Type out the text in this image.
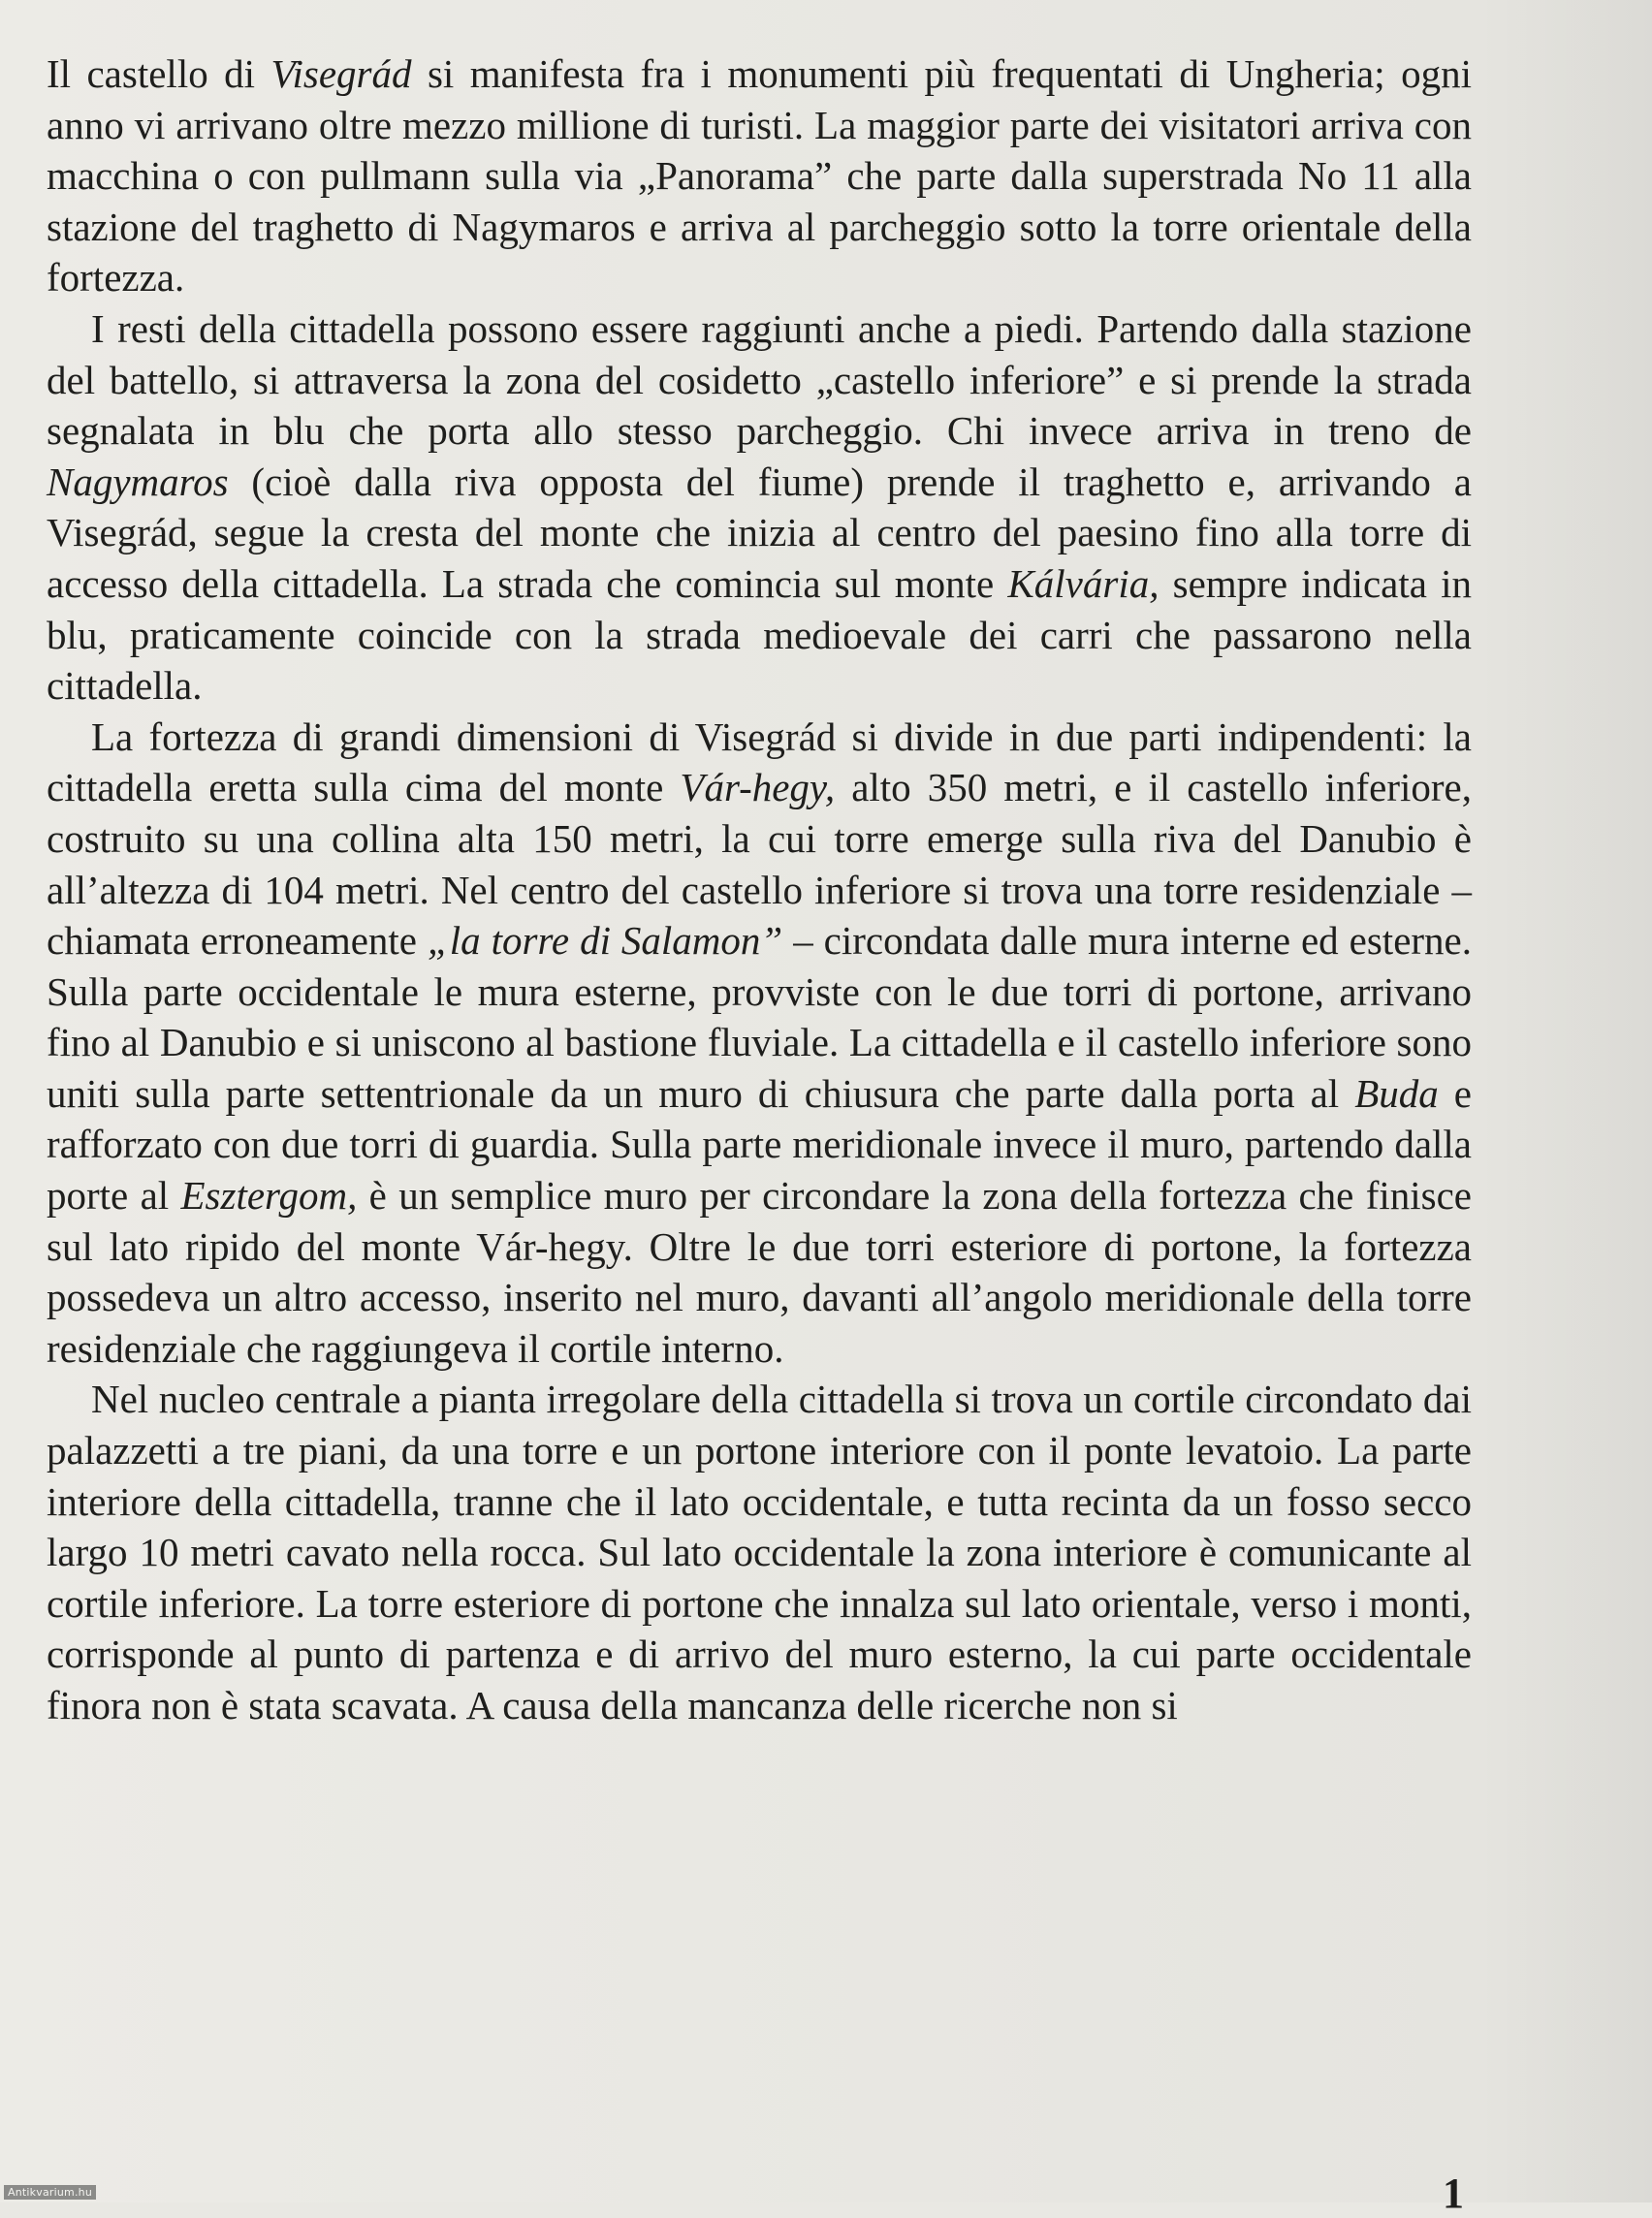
Il castello di Visegrád si manifesta fra i monumenti più frequentati di Ungheria; ogni anno vi arrivano oltre mezzo millione di turisti. La maggior parte dei visitatori arriva con macchina o con pullmann sulla via „Panorama” che parte dalla superstrada No 11 alla stazione del traghetto di Nagymaros e arriva al parcheggio sotto la torre orientale della fortezza.

I resti della cittadella possono essere raggiunti anche a piedi. Partendo dalla stazione del battello, si attraversa la zona del cosidetto „castello inferiore” e si prende la strada segnalata in blu che porta allo stesso parcheggio. Chi invece arriva in treno de Nagymaros (cioè dalla riva opposta del fiume) prende il traghetto e, arrivando a Visegrád, segue la cresta del monte che inizia al centro del paesino fino alla torre di accesso della cittadella. La strada che comincia sul monte Kálvária, sempre indicata in blu, praticamente coincide con la strada medioevale dei carri che passarono nella cittadella.

La fortezza di grandi dimensioni di Visegrád si divide in due parti indipendenti: la cittadella eretta sulla cima del monte Vár-hegy, alto 350 metri, e il castello inferiore, costruito su una collina alta 150 metri, la cui torre emerge sulla riva del Danubio è all’altezza di 104 metri. Nel centro del castello inferiore si trova una torre residenziale – chiamata erroneamente „la torre di Salamon” – circondata dalle mura interne ed esterne. Sulla parte occidentale le mura esterne, provviste con le due torri di portone, arrivano fino al Danubio e si uniscono al bastione fluviale. La cittadella e il castello inferiore sono uniti sulla parte settentrionale da un muro di chiusura che parte dalla porta al Buda e rafforzato con due torri di guardia. Sulla parte meridionale invece il muro, partendo dalla porte al Esztergom, è un semplice muro per circondare la zona della fortezza che finisce sul lato ripido del monte Vár-hegy. Oltre le due torri esteriore di portone, la fortezza possedeva un altro accesso, inserito nel muro, davanti all’angolo meridionale della torre residenziale che raggiungeva il cortile interno.

Nel nucleo centrale a pianta irregolare della cittadella si trova un cortile circondato dai palazzetti a tre piani, da una torre e un portone interiore con il ponte levatoio. La parte interiore della cittadella, tranne che il lato occidentale, e tutta recinta da un fosso secco largo 10 metri cavato nella rocca. Sul lato occidentale la zona interiore è comunicante al cortile inferiore. La torre esteriore di portone che innalza sul lato orientale, verso i monti, corrisponde al punto di partenza e di arrivo del muro esterno, la cui parte occidentale finora non è stata scavata. A causa della mancanza delle ricerche non si

1
Antikvarium.hu
